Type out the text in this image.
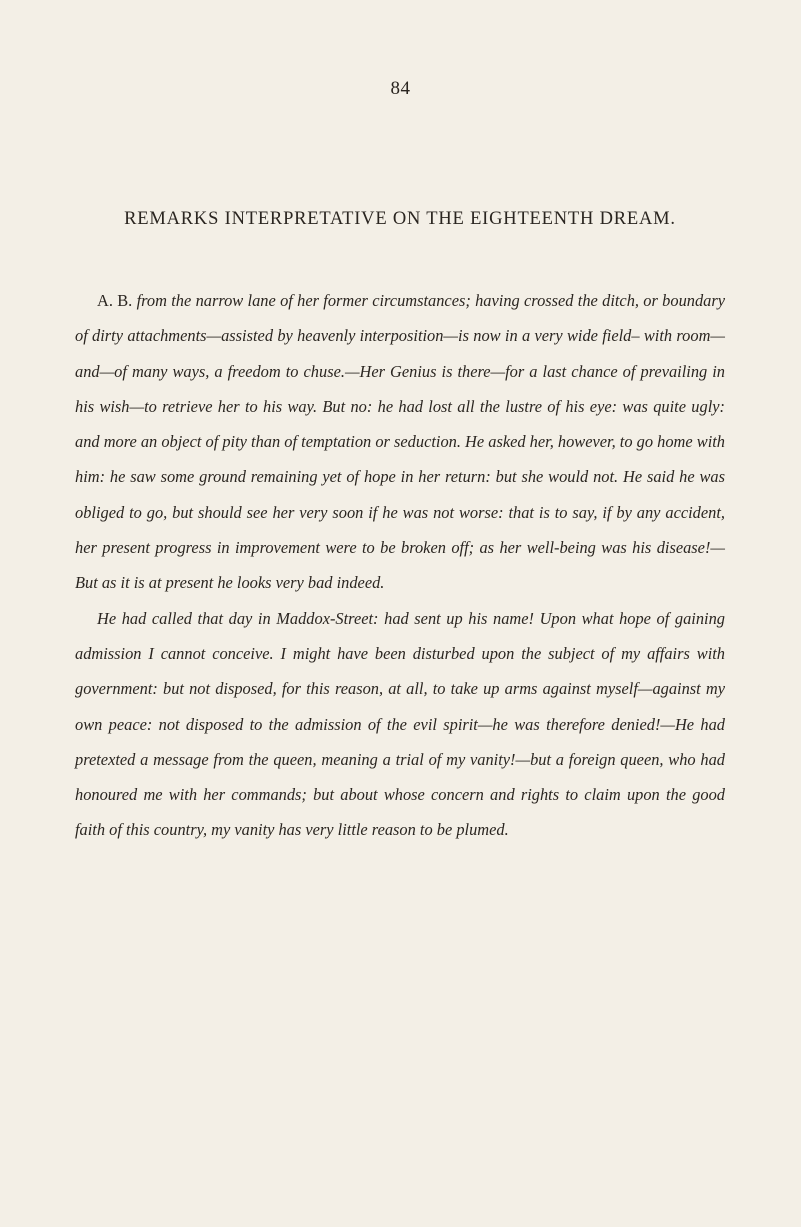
84
REMARKS INTERPRETATIVE ON THE EIGHTEENTH DREAM.

A. B. from the narrow lane of her former circumstances; having crossed the ditch, or boundary of dirty attachments—assisted by heavenly interposition—is now in a very wide field– with room—and—of many ways, a freedom to chuse.—Her Genius is there—for a last chance of prevailing in his wish—to retrieve her to his way. But no: he had lost all the lustre of his eye: was quite ugly: and more an object of pity than of temptation or seduction. He asked her, however, to go home with him: he saw some ground remaining yet of hope in her return: but she would not. He said he was obliged to go, but should see her very soon if he was not worse: that is to say, if by any accident, her present progress in improvement were to be broken off; as her well-being was his disease!—But as it is at present he looks very bad indeed.

He had called that day in Maddox-Street: had sent up his name! Upon what hope of gaining admission I cannot conceive. I might have been disturbed upon the subject of my affairs with government: but not disposed, for this reason, at all, to take up arms against myself—against my own peace: not disposed to the admission of the evil spirit—he was therefore denied!—He had pretexted a message from the queen, meaning a trial of my vanity!—but a foreign queen, who had honoured me with her commands; but about whose concern and rights to claim upon the good faith of this country, my vanity has very little reason to be plumed.
